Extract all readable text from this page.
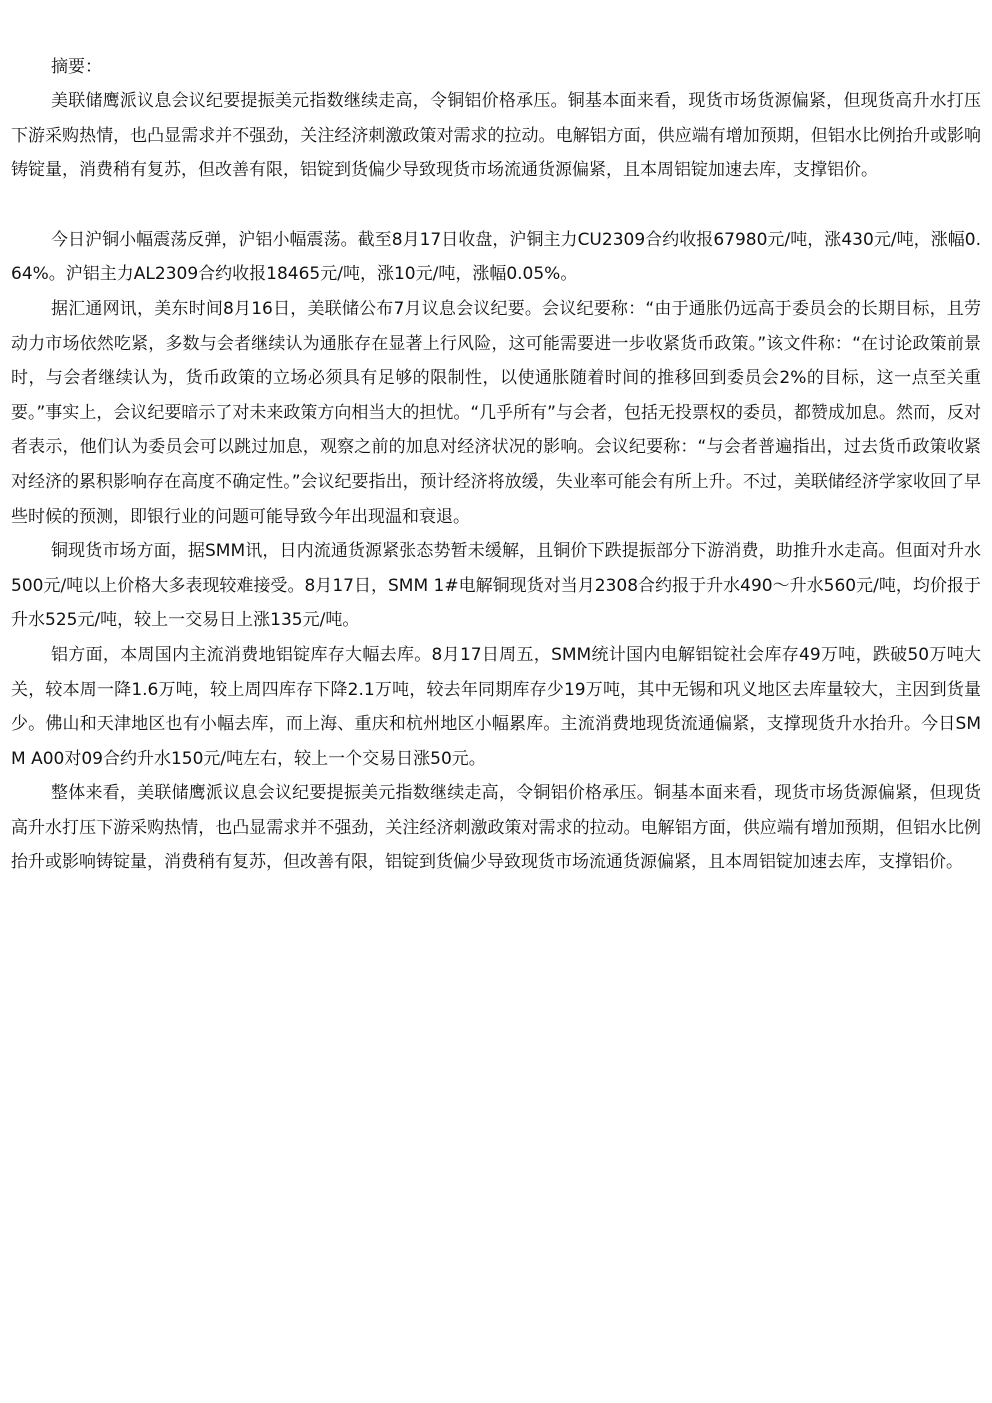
摘要：

美联储鹰派议息会议纪要提振美元指数继续走高，令铜铝价格承压。铜基本面来看，现货市场货源偏紧，但现货高升水打压下游采购热情，也凸显需求并不强劲，关注经济刺激政策对需求的拉动。电解铝方面，供应端有增加预期，但铝水比例抬升或影响铸锭量，消费稍有复苏，但改善有限，铝锭到货偏少导致现货市场流通货源偏紧，且本周铝锭加速去库，支撑铝价。

今日沪铜小幅震荡反弹，沪铝小幅震荡。截至8月17日收盘，沪铜主力CU2309合约收报67980元/吨，涨430元/吨，涨幅0.64%。沪铝主力AL2309合约收报18465元/吨，涨10元/吨，涨幅0.05%。

据汇通网讯，美东时间8月16日，美联储公布7月议息会议纪要。会议纪要称：“由于通胀仍远高于委员会的长期目标，且劳动力市场依然吃紧，多数与会者继续认为通胀存在显著上行风险，这可能需要进一步收紧货币政策。”该文件称：“在讨论政策前景时，与会者继续认为，货币政策的立场必须具有足够的限制性，以使通胀随着时间的推移回到委员会2%的目标，这一点至关重要。”事实上，会议纪要暗示了对未来政策方向相当大的担忧。“几乎所有”与会者，包括无投票权的委员，都赞成加息。然而，反对者表示，他们认为委员会可以跳过加息，观察之前的加息对经济状况的影响。会议纪要称：“与会者普遍指出，过去货币政策收紧对经济的累积影响存在高度不确定性。”会议纪要指出，预计经济将放缓，失业率可能会有所上升。不过，美联储经济学家收回了早些时候的预测，即银行业的问题可能导致今年出现温和衰退。

铜现货市场方面，据SMM讯，日内流通货源紧张态势暂未缓解，且铜价下跌提振部分下游消费，助推升水走高。但面对升水500元/吨以上价格大多表现较难接受。8月17日，SMM 1#电解铜现货对当月2308合约报于升水490～升水560元/吨，均价报于升水525元/吨，较上一交易日上涨135元/吨。

铝方面，本周国内主流消费地铝锭库存大幅去库。8月17日周五，SMM统计国内电解铝锭社会库存49万吨，跌破50万吨大关，较本周一降1.6万吨，较上周四库存下降2.1万吨，较去年同期库存少19万吨，其中无锡和巩义地区去库量较大，主因到货量少。佛山和天津地区也有小幅去库，而上海、重庆和杭州地区小幅累库。主流消费地现货流通偏紧，支撑现货升水抬升。今日SMM A00对09合约升水150元/吨左右，较上一个交易日涨50元。

整体来看，美联储鹰派议息会议纪要提振美元指数继续走高，令铜铝价格承压。铜基本面来看，现货市场货源偏紧，但现货高升水打压下游采购热情，也凸显需求并不强劲，关注经济刺激政策对需求的拉动。电解铝方面，供应端有增加预期，但铝水比例抬升或影响铸锭量，消费稍有复苏，但改善有限，铝锭到货偏少导致现货市场流通货源偏紧，且本周铝锭加速去库，支撑铝价。
